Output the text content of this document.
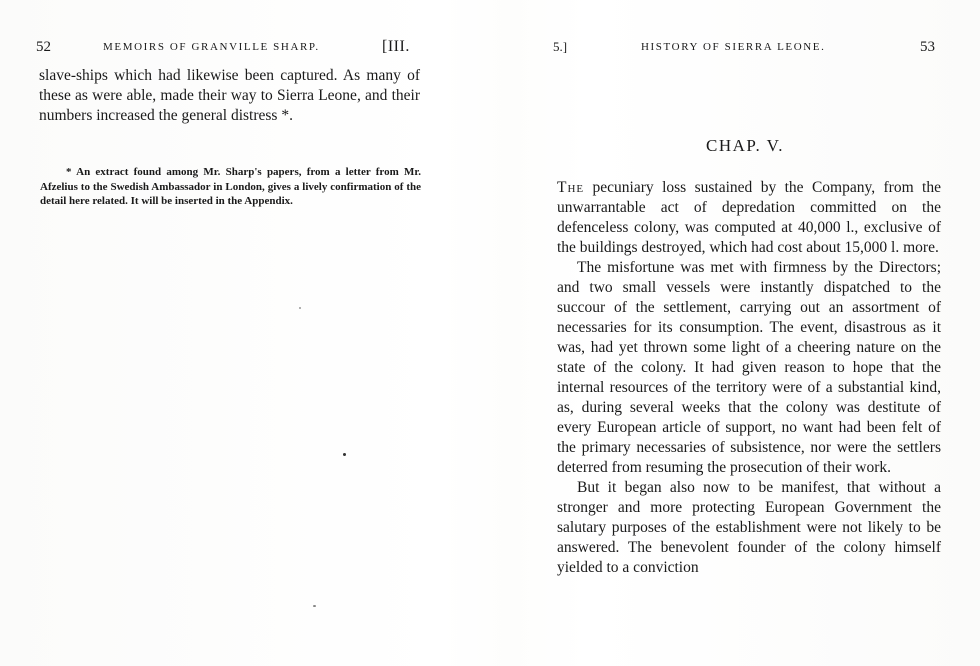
52	MEMOIRS OF GRANVILLE SHARP.	[III.
slave-ships which had likewise been captured. As many of these as were able, made their way to Sierra Leone, and their numbers increased the general distress *.
* An extract found among Mr. Sharp's papers, from a letter from Mr. Afzelius to the Swedish Ambassador in London, gives a lively confirmation of the detail here related. It will be inserted in the Appendix.
5.]	HISTORY OF SIERRA LEONE.	53
CHAP. V.

The pecuniary loss sustained by the Company, from the unwarrantable act of depredation committed on the defenceless colony, was computed at 40,000 l., exclusive of the buildings destroyed, which had cost about 15,000 l. more.

The misfortune was met with firmness by the Directors; and two small vessels were instantly dispatched to the succour of the settlement, carrying out an assortment of necessaries for its consumption. The event, disastrous as it was, had yet thrown some light of a cheering nature on the state of the colony. It had given reason to hope that the internal resources of the territory were of a substantial kind, as, during several weeks that the colony was destitute of every European article of support, no want had been felt of the primary necessaries of subsistence, nor were the settlers deterred from resuming the prosecution of their work.

But it began also now to be manifest, that without a stronger and more protecting European Government the salutary purposes of the establishment were not likely to be answered. The benevolent founder of the colony himself yielded to a conviction
